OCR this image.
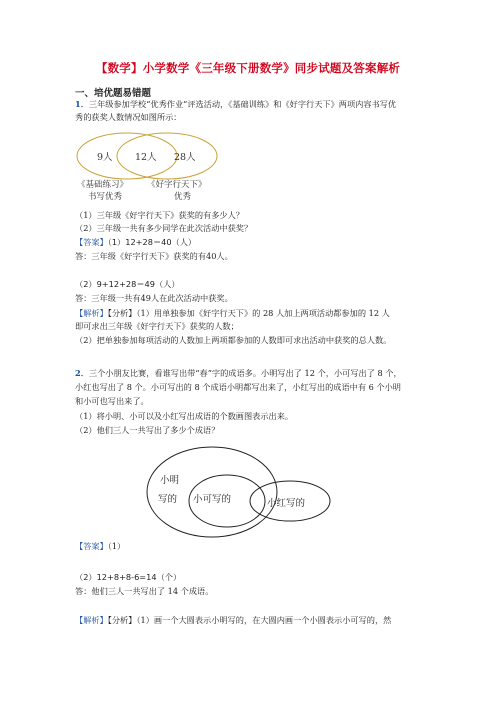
【数学】小学数学《三年级下册数学》同步试题及答案解析
一、培优题易错题
1．三年级参加学校“优秀作业”评选活动，《基础训练》和《好字行天下》两项内容书写优
秀的获奖人数情况如图所示：
9人 12人 28人
《基础练习》
书写优秀
《好字行天下》
优秀
（1）三年级《好字行天下》获奖的有多少人？
（2）三年级一共有多少同学在此次活动中获奖？
【答案】（1）12+28＝40（人）
答：三年级《好字行天下》获奖的有40人。
（2）9+12+28＝49（人）
答：三年级一共有49人在此次活动中获奖。
【解析】【分析】（1）用单独参加《好字行天下》的 28 人加上两项活动都参加的 12 人
即可求出三年级《好字行天下》获奖的人数；
（2）把单独参加每项活动的人数加上两项都参加的人数即可求出活动中获奖的总人数。
2．三个小朋友比赛，看谁写出带“春”字的成语多。小明写出了 12 个，小可写出了 8 个，
小红也写出了 8 个。小可写出的 8 个成语小明都写出来了，小红写出的成语中有 6 个小明
和小可也写出来了。
（1）将小明、小可以及小红写出成语的个数画图表示出来。
（2）他们三人一共写出了多少个成语？
小明
写的 小可写的	小红写的
【答案】（1）
（2）12+8+8-6=14（个）
答：他们三人一共写出了 14 个成语。
【解析】【分析】（1）画一个大圆表示小明写的，在大圆内画一个小圆表示小可写的，然
